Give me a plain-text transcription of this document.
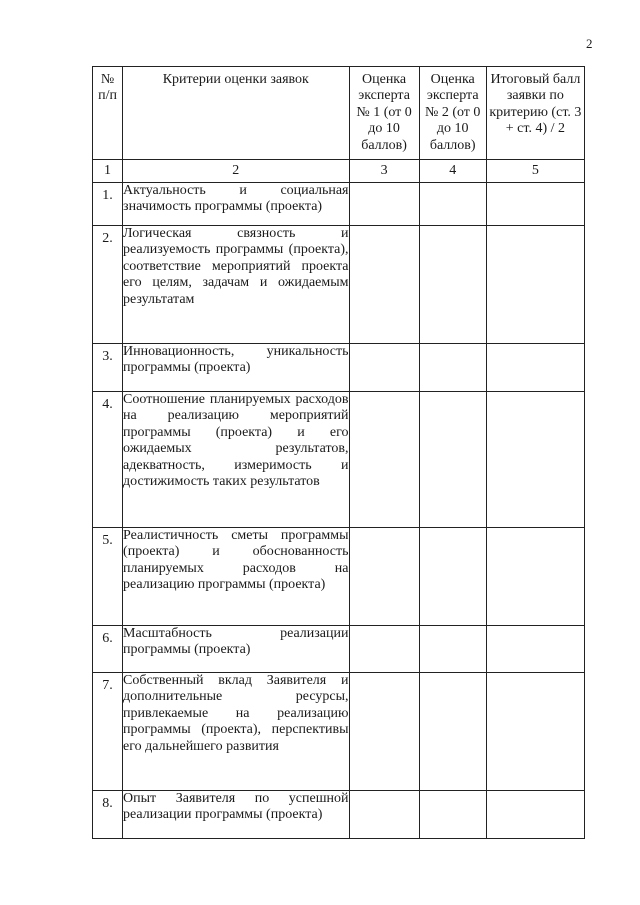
2
№ п/п	Критерии оценки заявок	Оценка эксперта № 1 (от 0 до 10 баллов)	Оценка эксперта № 2 (от 0 до 10 баллов)	Итоговый балл заявки по критерию (ст. 3 + ст. 4) / 2

1	2	3	4	5

1.	Актуальность и социальная значимость программы (проекта)			

2.	Логическая связность и реализуемость программы (проекта), соответствие мероприятий проекта его целям, задачам и ожидаемым результатам			

3.	Инновационность, уникальность программы (проекта)			

4.	Соотношение планируемых расходов на реализацию мероприятий программы (проекта) и его ожидаемых результатов, адекватность, измеримость и достижимость таких результатов			

5.	Реалистичность сметы программы (проекта) и обоснованность планируемых расходов на реализацию программы (проекта)			

6.	Масштабность реализации программы (проекта)			

7.	Собственный вклад Заявителя и дополнительные ресурсы, привлекаемые на реализацию программы (проекта), перспективы его дальнейшего развития			

8.	Опыт Заявителя по успешной реализации программы (проекта)			
